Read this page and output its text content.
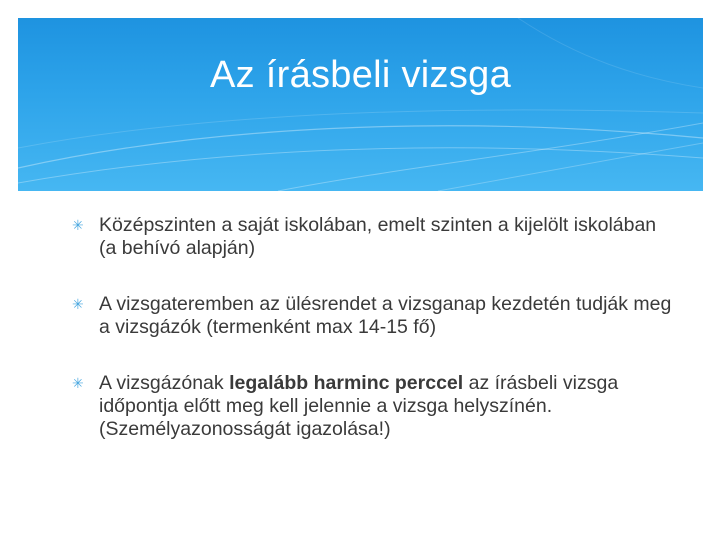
Az írásbeli vizsga
✳ Középszinten a saját iskolában, emelt szinten a kijelölt iskolában (a behívó alapján)
✳ A vizsgateremben az ülésrendet a vizsganap kezdetén tudják meg a vizsgázók (termenként max 14-15 fő)
✳ A vizsgázónak legalább harminc perccel az írásbeli vizsga időpontja előtt meg kell jelennie a vizsga helyszínén. (Személyazonosságát igazolása!)
